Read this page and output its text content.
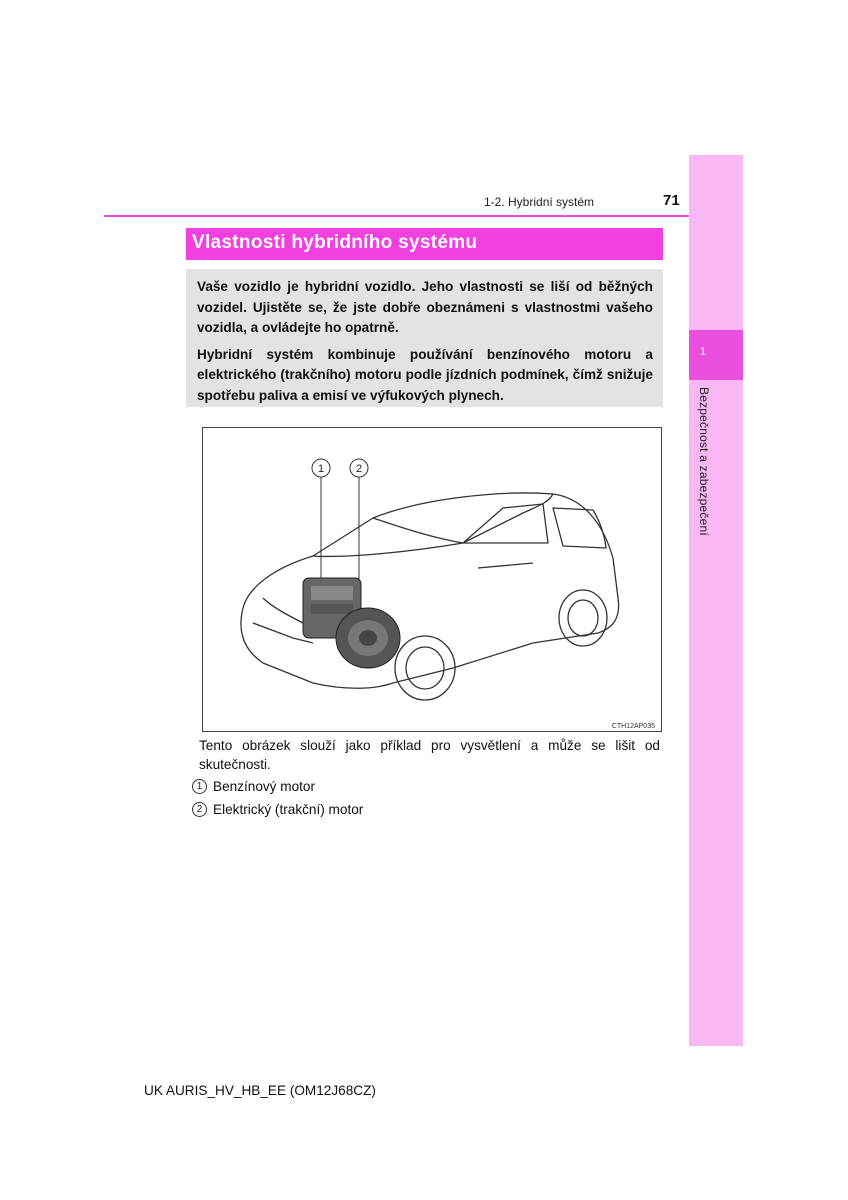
1
Bezpečnost a zabezpečení
1-2. Hybridní systém	71
Vlastnosti hybridního systému

Vaše vozidlo je hybridní vozidlo. Jeho vlastnosti se liší od běžných vozidel. Ujistěte se, že jste dobře obeznámeni s vlastnostmi vašeho vozidla, a ovládejte ho opatrně.

Hybridní systém kombinuje používání benzínového motoru a elektrického (trakčního) motoru podle jízdních podmínek, čímž snižuje spotřebu paliva a emisí ve výfukových plynech.

1	2
CTH12AP035
Tento obrázek slouží jako příklad pro vysvětlení a může se lišit od skutečnosti.
1 Benzínový motor
2 Elektrický (trakční) motor
UK AURIS_HV_HB_EE (OM12J68CZ)
